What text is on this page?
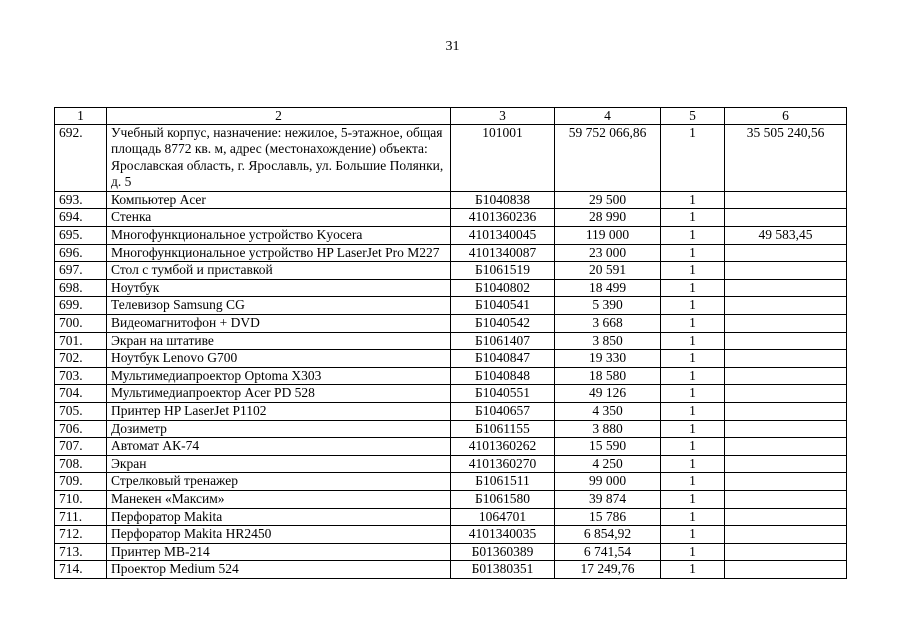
31
1	2	3	4	5	6
692.	Учебный корпус, назначение: нежилое, 5-этажное, общая площадь 8772 кв. м, адрес (местонахождение) объекта: Ярославская область, г. Ярославль, ул. Большие Полянки, д. 5	101001	59 752 066,86	1	35 505 240,56
693.	Компьютер Acer	Б1040838	29 500	1	
694.	Стенка	4101360236	28 990	1	
695.	Многофункциональное устройство Kyocera	4101340045	119 000	1	49 583,45
696.	Многофункциональное устройство HP LaserJet Pro M227	4101340087	23 000	1	
697.	Стол с тумбой и приставкой	Б1061519	20 591	1	
698.	Ноутбук	Б1040802	18 499	1	
699.	Телевизор Samsung CG	Б1040541	5 390	1	
700.	Видеомагнитофон + DVD	Б1040542	3 668	1	
701.	Экран на штативе	Б1061407	3 850	1	
702.	Ноутбук Lenovo G700	Б1040847	19 330	1	
703.	Мультимедиапроектор Optoma X303	Б1040848	18 580	1	
704.	Мультимедиапроектор Acer PD 528	Б1040551	49 126	1	
705.	Принтер HP LaserJet P1102	Б1040657	4 350	1	
706.	Дозиметр	Б1061155	3 880	1	
707.	Автомат АК-74	4101360262	15 590	1	
708.	Экран	4101360270	4 250	1	
709.	Стрелковый тренажер	Б1061511	99 000	1	
710.	Манекен «Максим»	Б1061580	39 874	1	
711.	Перфоратор Makita	1064701	15 786	1	
712.	Перфоратор Makita HR2450	4101340035	6 854,92	1	
713.	Принтер МВ-214	Б01360389	6 741,54	1	
714.	Проектор Medium 524	Б01380351	17 249,76	1	
